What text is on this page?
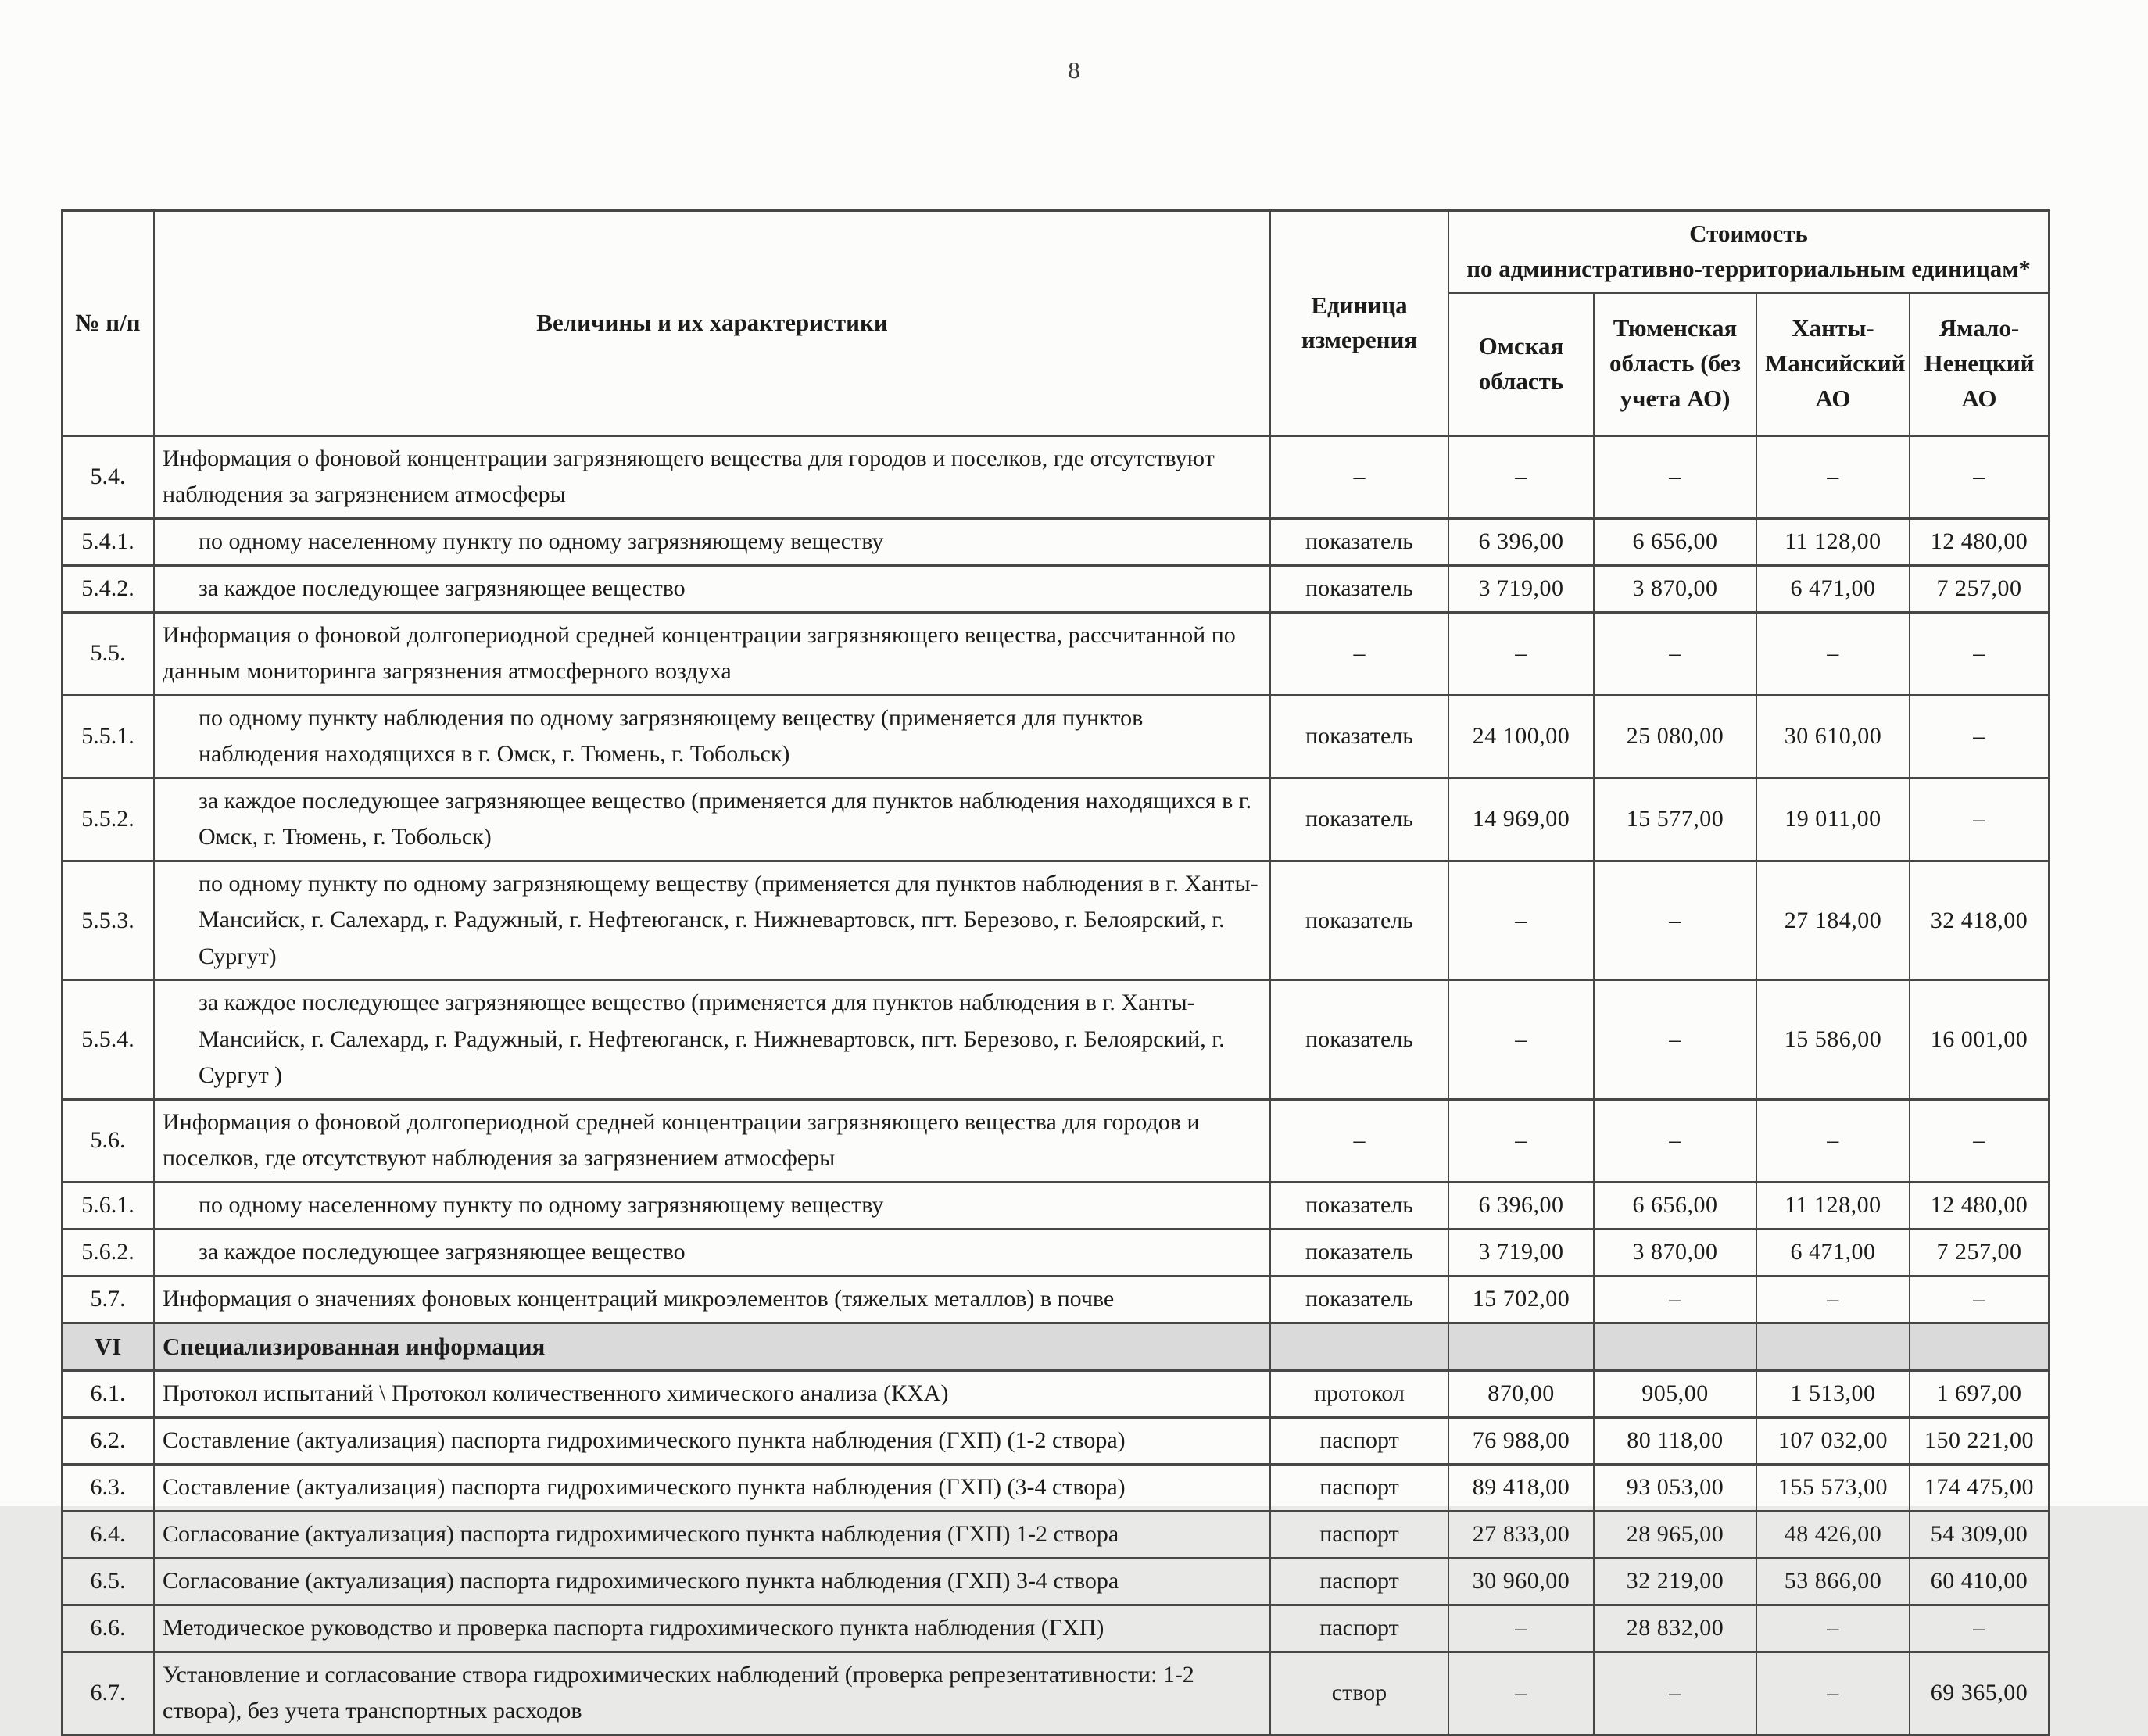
8
№ п/п	Величины и их характеристики	Единица измерения	Стоимость
по административно-территориальным единицам*			

			Омская область	Тюменская область (без учета АО)	Ханты-Мансийский АО	Ямало-Ненецкий АО
5.4.	Информация о фоновой концентрации загрязняющего вещества для городов и поселков, где отсутствуют наблюдения за загрязнением атмосферы	–	–	–	–	–
5.4.1.	по одному населенному пункту по одному загрязняющему веществу	показатель	6 396,00	6 656,00	11 128,00	12 480,00
5.4.2.	за каждое последующее загрязняющее вещество	показатель	3 719,00	3 870,00	6 471,00	7 257,00
5.5.	Информация о фоновой долгопериодной средней концентрации загрязняющего вещества, рассчитанной по данным мониторинга загрязнения атмосферного воздуха	–	–	–	–	–
5.5.1.	по одному пункту наблюдения по одному загрязняющему веществу (применяется для пунктов наблюдения находящихся в г. Омск, г. Тюмень, г. Тобольск)	показатель	24 100,00	25 080,00	30 610,00	–
5.5.2.	за каждое последующее загрязняющее вещество (применяется для пунктов наблюдения находящихся в г. Омск, г. Тюмень, г. Тобольск)	показатель	14 969,00	15 577,00	19 011,00	–
5.5.3.	по одному пункту по одному загрязняющему веществу (применяется для пунктов наблюдения в г. Ханты-Мансийск, г. Салехард, г. Радужный, г. Нефтеюганск, г. Нижневартовск, пгт. Березово, г. Белоярский, г. Сургут)	показатель	–	–	27 184,00	32 418,00
5.5.4.	за каждое последующее загрязняющее вещество (применяется для пунктов наблюдения в г. Ханты-Мансийск, г. Салехард, г. Радужный, г. Нефтеюганск, г. Нижневартовск, пгт. Березово, г. Белоярский, г. Сургут )	показатель	–	–	15 586,00	16 001,00
5.6.	Информация о фоновой долгопериодной средней концентрации загрязняющего вещества для городов и поселков, где отсутствуют наблюдения за загрязнением атмосферы	–	–	–	–	–
5.6.1.	по одному населенному пункту по одному загрязняющему веществу	показатель	6 396,00	6 656,00	11 128,00	12 480,00
5.6.2.	за каждое последующее загрязняющее вещество	показатель	3 719,00	3 870,00	6 471,00	7 257,00
5.7.	Информация о значениях фоновых концентраций микроэлементов (тяжелых металлов) в почве	показатель	15 702,00	–	–	–
VI	Специализированная информация					
6.1.	Протокол испытаний \ Протокол количественного химического анализа (КХА)	протокол	870,00	905,00	1 513,00	1 697,00
6.2.	Составление (актуализация) паспорта гидрохимического пункта наблюдения (ГХП) (1-2 створа)	паспорт	76 988,00	80 118,00	107 032,00	150 221,00
6.3.	Составление (актуализация) паспорта гидрохимического пункта наблюдения (ГХП) (3-4 створа)	паспорт	89 418,00	93 053,00	155 573,00	174 475,00
6.4.	Согласование (актуализация) паспорта гидрохимического пункта наблюдения (ГХП) 1-2 створа	паспорт	27 833,00	28 965,00	48 426,00	54 309,00
6.5.	Согласование (актуализация) паспорта гидрохимического пункта наблюдения (ГХП) 3-4 створа	паспорт	30 960,00	32 219,00	53 866,00	60 410,00
6.6.	Методическое руководство и проверка паспорта гидрохимического пункта наблюдения (ГХП)	паспорт	–	28 832,00	–	–
6.7.	Установление и согласование створа гидрохимических наблюдений (проверка репрезентативности: 1-2 створа), без учета транспортных расходов	створ	–	–	–	69 365,00
